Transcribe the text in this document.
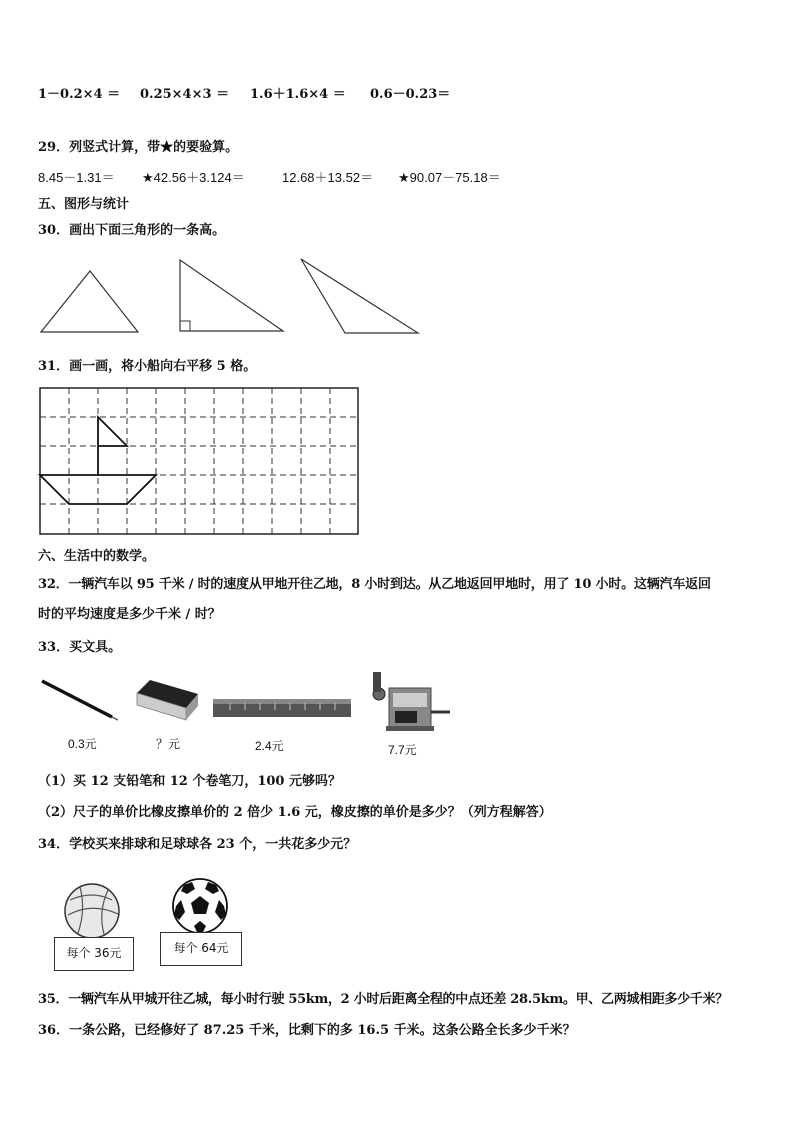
1－0.2×4 ＝ 0.25×4×3 ＝ 1.6＋1.6×4 ＝ 0.6－0.23＝
29．列竖式计算，带★的要验算。
8.45－1.31＝ ★42.56＋3.124＝	12.68＋13.52＝ ★90.07－75.18＝
五、图形与统计
30．画出下面三角形的一条高。
31．画一画，将小船向右平移 5 格。
六、生活中的数学。
32．一辆汽车以 95 千米 / 时的速度从甲地开往乙地，8 小时到达。从乙地返回甲地时，用了 10 小时。这辆汽车返回
时的平均速度是多少千米 / 时？
33．买文具。
0.3元	？元	2.4元	7.7元
（1）买 12 支铅笔和 12 个卷笔刀，100 元够吗？
（2）尺子的单价比橡皮擦单价的 2 倍少 1.6 元，橡皮擦的单价是多少？（列方程解答）
34．学校买来排球和足球球各 23 个，一共花多少元？
每个 36元	每个 64元
35．一辆汽车从甲城开往乙城，每小时行驶 55km，2 小时后距离全程的中点还差 28.5km。甲、乙两城相距多少千米？
36．一条公路，已经修好了 87.25 千米，比剩下的多 16.5 千米。这条公路全长多少千米？
